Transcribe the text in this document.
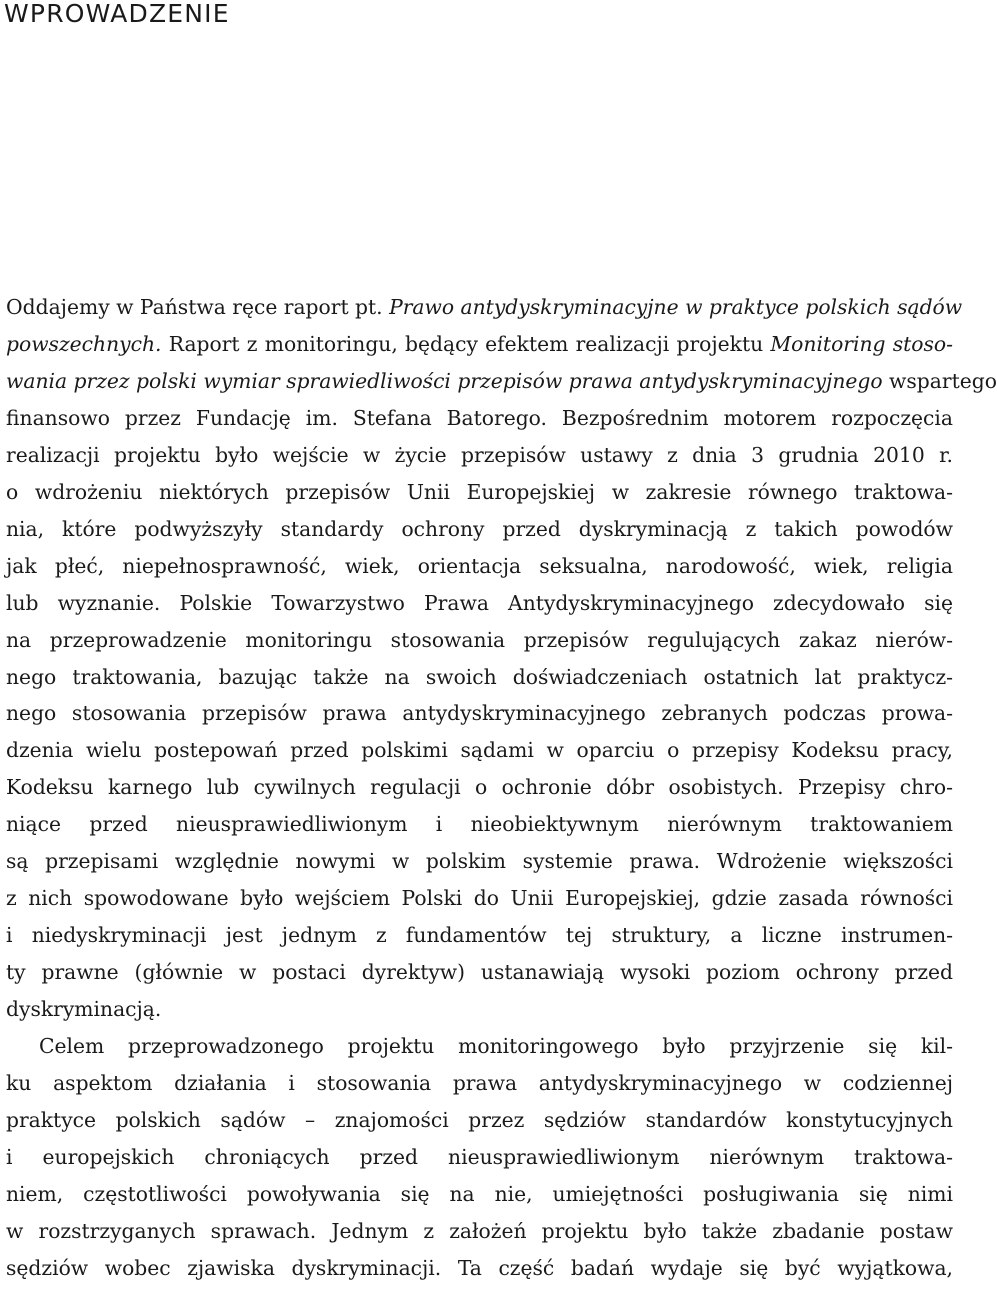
WPROWADZENIE
Oddajemy w Państwa ręce raport pt. Prawo antydyskryminacyjne w praktyce polskich sądów
powszechnych. Raport z monitoringu, będący efektem realizacji projektu Monitoring stoso-
wania przez polski wymiar sprawiedliwości przepisów prawa antydyskryminacyjnego wspartego
finansowo przez Fundację im. Stefana Batorego. Bezpośrednim motorem rozpoczęcia
realizacji projektu było wejście w życie przepisów ustawy z dnia 3 grudnia 2010 r.
o wdrożeniu niektórych przepisów Unii Europejskiej w zakresie równego traktowa-
nia, które podwyższyły standardy ochrony przed dyskryminacją z takich powodów
jak płeć, niepełnosprawność, wiek, orientacja seksualna, narodowość, wiek, religia
lub wyznanie. Polskie Towarzystwo Prawa Antydyskryminacyjnego zdecydowało się
na przeprowadzenie monitoringu stosowania przepisów regulujących zakaz nierów-
nego traktowania, bazując także na swoich doświadczeniach ostatnich lat praktycz-
nego stosowania przepisów prawa antydyskryminacyjnego zebranych podczas prowa-
dzenia wielu postepowań przed polskimi sądami w oparciu o przepisy Kodeksu pracy,
Kodeksu karnego lub cywilnych regulacji o ochronie dóbr osobistych. Przepisy chro-
niące przed nieusprawiedliwionym i nieobiektywnym nierównym traktowaniem
są przepisami względnie nowymi w polskim systemie prawa. Wdrożenie większości
z nich spowodowane było wejściem Polski do Unii Europejskiej, gdzie zasada równości
i niedyskryminacji jest jednym z fundamentów tej struktury, a liczne instrumen-
ty prawne (głównie w postaci dyrektyw) ustanawiają wysoki poziom ochrony przed
dyskryminacją.
Celem przeprowadzonego projektu monitoringowego było przyjrzenie się kil-
ku aspektom działania i stosowania prawa antydyskryminacyjnego w codziennej
praktyce polskich sądów – znajomości przez sędziów standardów konstytucyjnych
i europejskich chroniących przed nieusprawiedliwionym nierównym traktowa-
niem, częstotliwości powoływania się na nie, umiejętności posługiwania się nimi
w rozstrzyganych sprawach. Jednym z założeń projektu było także zbadanie postaw
sędziów wobec zjawiska dyskryminacji. Ta część badań wydaje się być wyjątkowa,
